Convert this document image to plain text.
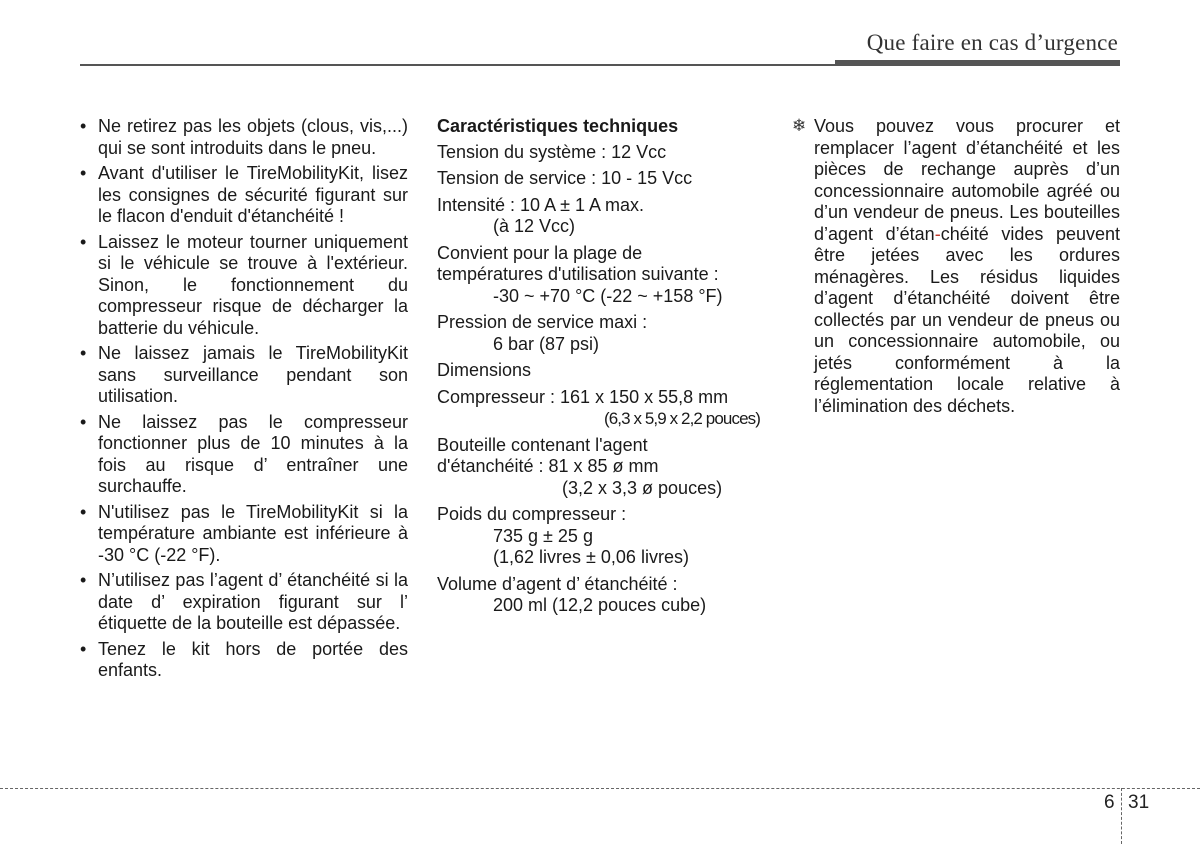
Que faire en cas d’urgence
• Ne retirez pas les objets (clous, vis,...) qui se sont introduits dans le pneu.
• Avant d'utiliser le TireMobilityKit, lisez les consignes de sécurité figurant sur le flacon d'enduit d'étanchéité !
• Laissez le moteur tourner uniquement si le véhicule se trouve à l'extérieur. Sinon, le fonctionnement du compresseur risque de décharger la batterie du véhicule.
• Ne laissez jamais le TireMobilityKit sans surveillance pendant son utilisation.
• Ne laissez pas le compresseur fonctionner plus de 10 minutes à la fois au risque d’ entraîner une surchauffe.
• N'utilisez pas le TireMobilityKit si la température ambiante est inférieure à -30 °C (-22 °F).
• N’utilisez pas l’agent d’ étanchéité si la date d’ expiration figurant sur l’ étiquette de la bouteille est dépassée.
• Tenez le kit hors de portée des enfants.
Caractéristiques techniques
Tension du système : 12 Vcc
Tension de service : 10 - 15 Vcc
Intensité : 10 A ± 1 A max.
(à 12 Vcc)
Convient pour la plage de
températures d'utilisation suivante :
-30 ~ +70 °C (-22 ~ +158 °F)
Pression de service maxi :
6 bar (87 psi)
Dimensions
Compresseur : 161 x 150 x 55,8 mm
(6,3 x 5,9 x 2,2 pouces)
Bouteille contenant l'agent
d'étanchéité : 81 x 85 ø mm
(3,2 x 3,3 ø pouces)
Poids du compresseur :
735 g ± 25 g
(1,62 livres ± 0,06 livres)
Volume d’agent d’ étanchéité :
200 ml (12,2 pouces cube)
❄ Vous pouvez vous procurer et remplacer l’agent d’étanchéité et les pièces de rechange auprès d’un concessionnaire automobile agréé ou d’un vendeur de pneus. Les bouteilles d’agent d’étan-chéité vides peuvent être jetées avec les ordures ménagères. Les résidus liquides d’agent d’étanchéité doivent être collectés par un vendeur de pneus ou un concessionnaire automobile, ou jetés conformément à la réglementation locale relative à l’élimination des déchets.
6 31
